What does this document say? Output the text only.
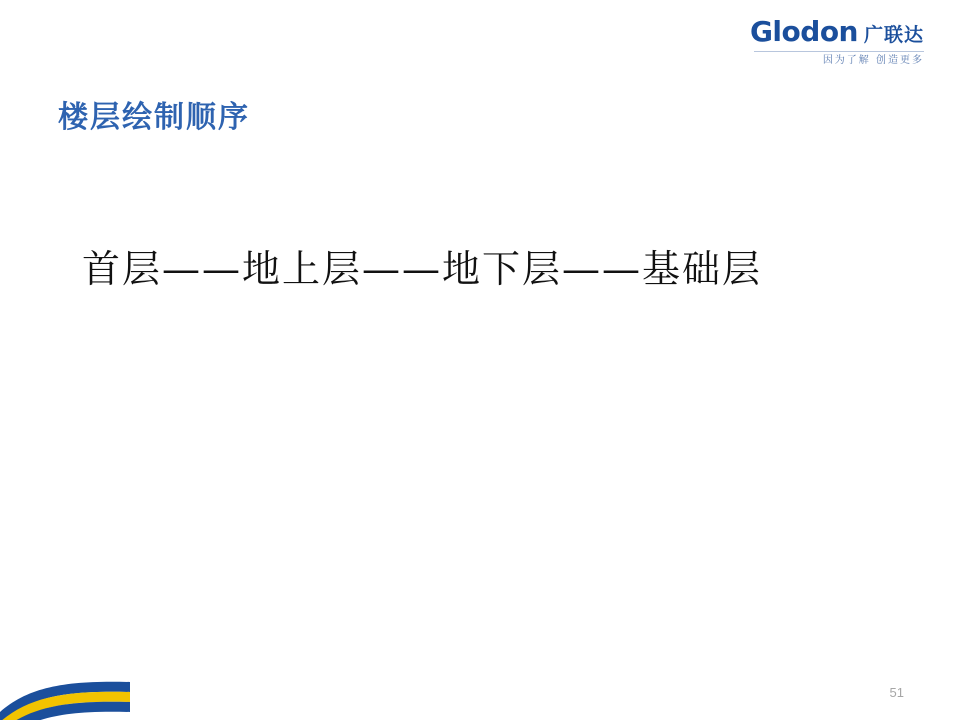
Glodon 广联达
因为了解 创造更多
楼层绘制顺序
首层——地上层——地下层——基础层
51
